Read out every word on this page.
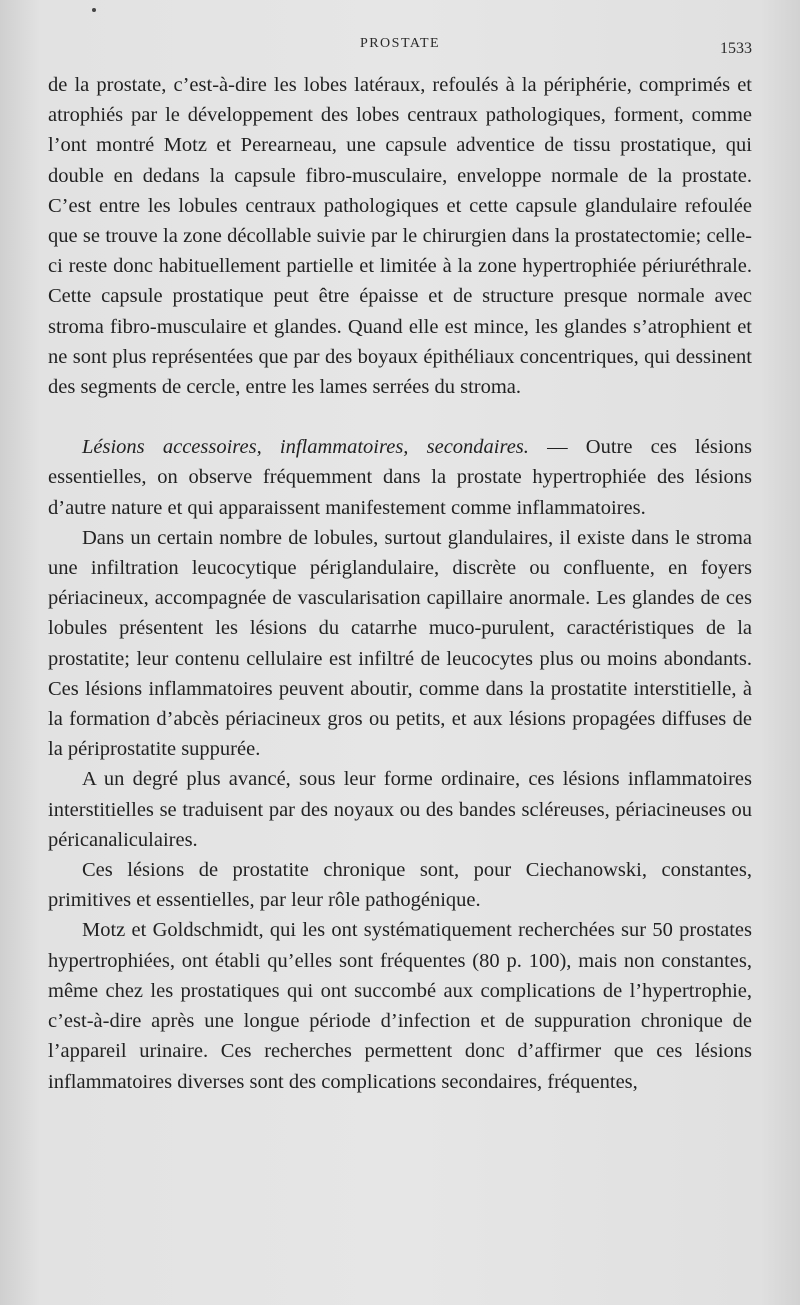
PROSTATE	1533

de la prostate, c’est-à-dire les lobes latéraux, refoulés à la périphérie, comprimés et atrophiés par le développement des lobes centraux pathologiques, forment, comme l’ont montré Motz et Perearneau, une capsule adventice de tissu prostatique, qui double en dedans la capsule fibro-musculaire, enveloppe normale de la prostate. C’est entre les lobules centraux pathologiques et cette capsule glandulaire refoulée que se trouve la zone décollable suivie par le chirurgien dans la prostatectomie; celle-ci reste donc habituellement partielle et limitée à la zone hypertrophiée périuréthrale. Cette capsule prostatique peut être épaisse et de structure presque normale avec stroma fibro-musculaire et glandes. Quand elle est mince, les glandes s’atrophient et ne sont plus représentées que par des boyaux épithéliaux concentriques, qui dessinent des segments de cercle, entre les lames serrées du stroma.

Lésions accessoires, inflammatoires, secondaires. — Outre ces lésions essentielles, on observe fréquemment dans la prostate hypertrophiée des lésions d’autre nature et qui apparaissent manifestement comme inflammatoires.

Dans un certain nombre de lobules, surtout glandulaires, il existe dans le stroma une infiltration leucocytique périglandulaire, discrète ou confluente, en foyers périacineux, accompagnée de vascularisation capillaire anormale. Les glandes de ces lobules présentent les lésions du catarrhe muco-purulent, caractéristiques de la prostatite; leur contenu cellulaire est infiltré de leucocytes plus ou moins abondants. Ces lésions inflammatoires peuvent aboutir, comme dans la prostatite interstitielle, à la formation d’abcès périacineux gros ou petits, et aux lésions propagées diffuses de la périprostatite suppurée.

A un degré plus avancé, sous leur forme ordinaire, ces lésions inflammatoires interstitielles se traduisent par des noyaux ou des bandes scléreuses, périacineuses ou péricanaliculaires.

Ces lésions de prostatite chronique sont, pour Ciechanowski, constantes, primitives et essentielles, par leur rôle pathogénique.

Motz et Goldschmidt, qui les ont systématiquement recherchées sur 50 prostates hypertrophiées, ont établi qu’elles sont fréquentes (80 p. 100), mais non constantes, même chez les prostatiques qui ont succombé aux complications de l’hypertrophie, c’est-à-dire après une longue période d’infection et de suppuration chronique de l’appareil urinaire. Ces recherches permettent donc d’affirmer que ces lésions inflammatoires diverses sont des complications secondaires, fréquentes,
